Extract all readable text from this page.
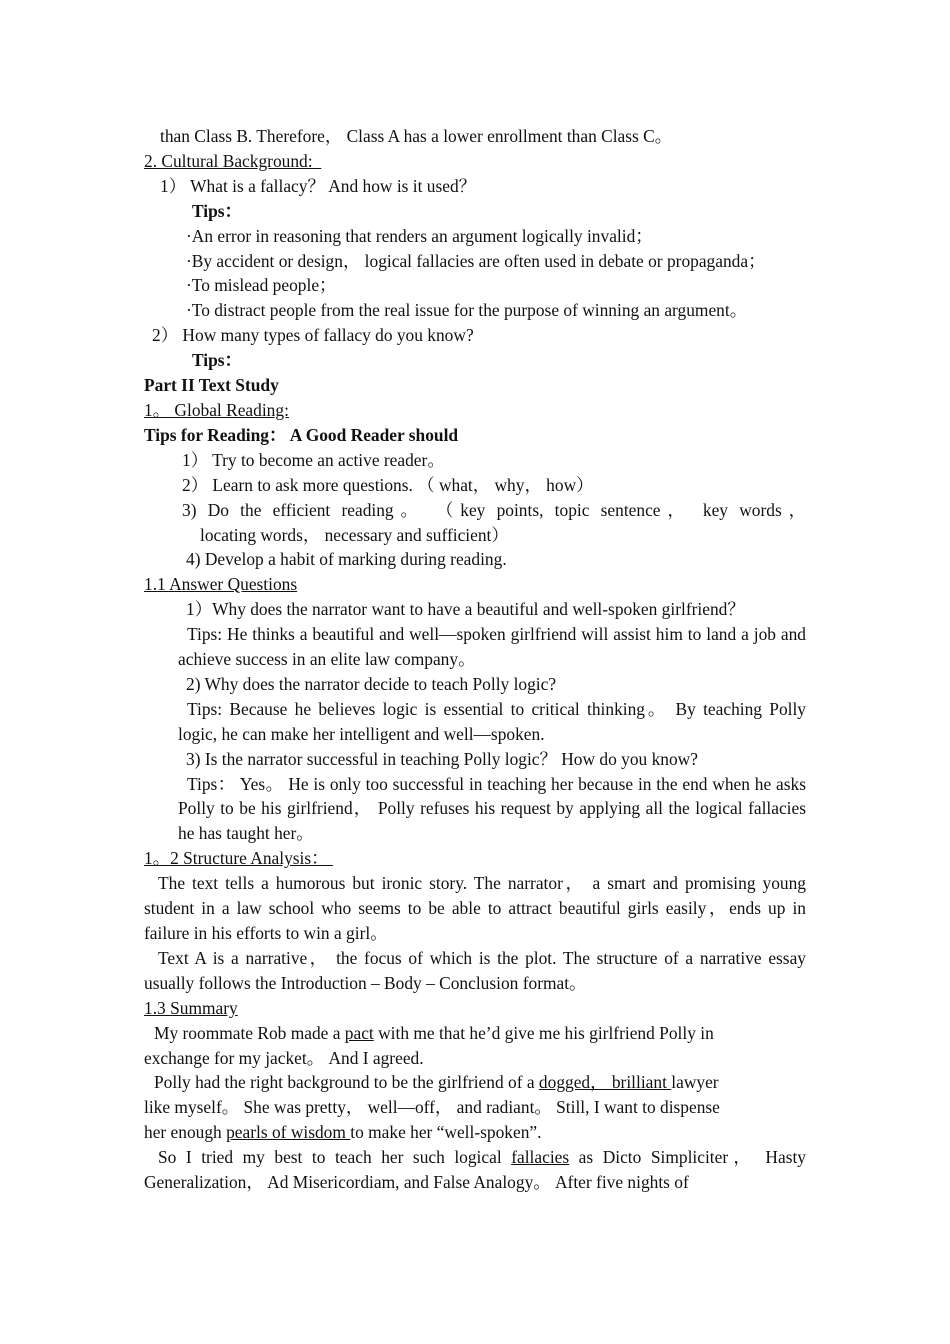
than Class B. Therefore， Class A has a lower enrollment than Class C。
2. Cultural Background:
1） What is a fallacy？ And how is it used？
Tips：
·An error in reasoning that renders an argument logically invalid；
·By accident or design， logical fallacies are often used in debate or propaganda；
·To mislead people；
·To distract people from the real issue for the purpose of winning an argument。
2） How many types of fallacy do you know?
Tips：
Part II Text Study
1。 Global Reading:
Tips for Reading： A Good Reader should
1） Try to become an active reader。
2） Learn to ask more questions. （ what， why， how）
3) Do the efficient reading。 （key points, topic sentence， key words，
locating words， necessary and sufficient）
4) Develop a habit of marking during reading.
1.1 Answer Questions
1）Why does the narrator want to have a beautiful and well-spoken girlfriend？
Tips: He thinks a beautiful and well—spoken girlfriend will assist him to land a job and achieve success in an elite law company。
2) Why does the narrator decide to teach Polly logic?
Tips: Because he believes logic is essential to critical thinking。 By teaching Polly logic, he can make her intelligent and well—spoken.
3) Is the narrator successful in teaching Polly logic？ How do you know?
Tips： Yes。 He is only too successful in teaching her because in the end when he asks Polly to be his girlfriend， Polly refuses his request by applying all the logical fallacies he has taught her。
1。2 Structure Analysis：
The text tells a humorous but ironic story. The narrator， a smart and promising young student in a law school who seems to be able to attract beautiful girls easily，ends up in failure in his efforts to win a girl。
Text A is a narrative， the focus of which is the plot. The structure of a narrative essay usually follows the Introduction – Body – Conclusion format。
1.3 Summary
My roommate Rob made a pact with me that he’d give me his girlfriend Polly in
exchange for my jacket。 And I agreed.
Polly had the right background to be the girlfriend of a dogged， brilliant lawyer
like myself。 She was pretty， well—off， and radiant。 Still, I want to dispense
her enough pearls of wisdom to make her “well-spoken”.
So I tried my best to teach her such logical fallacies as Dicto Simpliciter， Hasty Generalization， Ad Misericordiam, and False Analogy。 After five nights of
